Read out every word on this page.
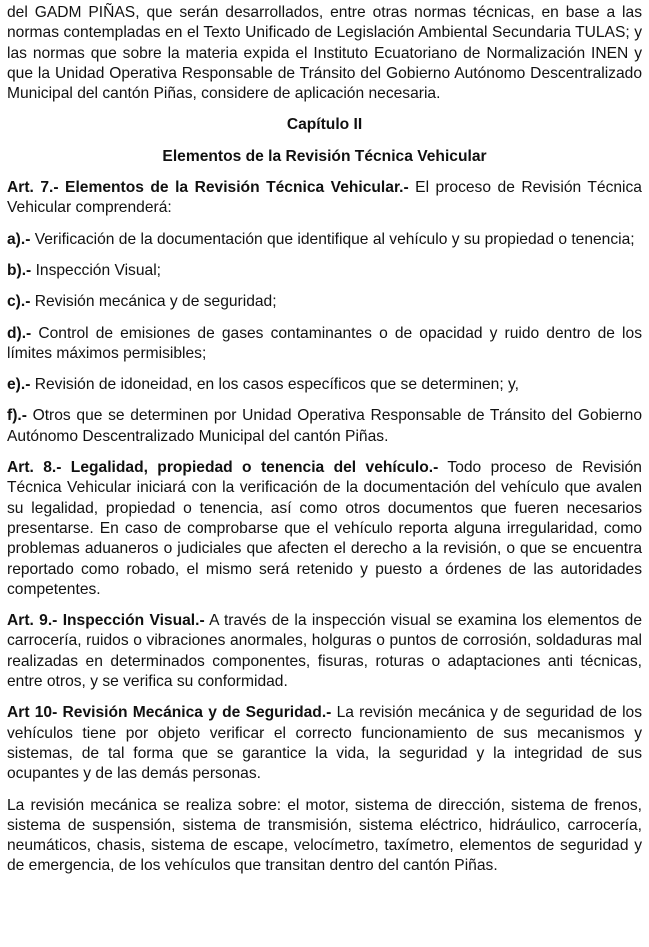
del GADM PIÑAS, que serán desarrollados, entre otras normas técnicas, en base a las normas contempladas en el Texto Unificado de Legislación Ambiental Secundaria TULAS; y las normas que sobre la materia expida el Instituto Ecuatoriano de Normalización INEN y que la Unidad Operativa Responsable de Tránsito del Gobierno Autónomo Descentralizado Municipal del cantón Piñas, considere de aplicación necesaria.

Capítulo II
Elementos de la Revisión Técnica Vehicular

Art. 7.- Elementos de la Revisión Técnica Vehicular.- El proceso de Revisión Técnica Vehicular comprenderá:

a).- Verificación de la documentación que identifique al vehículo y su propiedad o tenencia;

b).- Inspección Visual;

c).- Revisión mecánica y de seguridad;

d).- Control de emisiones de gases contaminantes o de opacidad y ruido dentro de los límites máximos permisibles;

e).- Revisión de idoneidad, en los casos específicos que se determinen; y,

f).- Otros que se determinen por Unidad Operativa Responsable de Tránsito del Gobierno Autónomo Descentralizado Municipal del cantón Piñas.

Art. 8.- Legalidad, propiedad o tenencia del vehículo.- Todo proceso de Revisión Técnica Vehicular iniciará con la verificación de la documentación del vehículo que avalen su legalidad, propiedad o tenencia, así como otros documentos que fueren necesarios presentarse. En caso de comprobarse que el vehículo reporta alguna irregularidad, como problemas aduaneros o judiciales que afecten el derecho a la revisión, o que se encuentra reportado como robado, el mismo será retenido y puesto a órdenes de las autoridades competentes.

Art. 9.- Inspección Visual.- A través de la inspección visual se examina los elementos de carrocería, ruidos o vibraciones anormales, holguras o puntos de corrosión, soldaduras mal realizadas en determinados componentes, fisuras, roturas o adaptaciones anti técnicas, entre otros, y se verifica su conformidad.

Art 10- Revisión Mecánica y de Seguridad.- La revisión mecánica y de seguridad de los vehículos tiene por objeto verificar el correcto funcionamiento de sus mecanismos y sistemas, de tal forma que se garantice la vida, la seguridad y la integridad de sus ocupantes y de las demás personas.

La revisión mecánica se realiza sobre: el motor, sistema de dirección, sistema de frenos, sistema de suspensión, sistema de transmisión, sistema eléctrico, hidráulico, carrocería, neumáticos, chasis, sistema de escape, velocímetro, taxímetro, elementos de seguridad y de emergencia, de los vehículos que transitan dentro del cantón Piñas.
